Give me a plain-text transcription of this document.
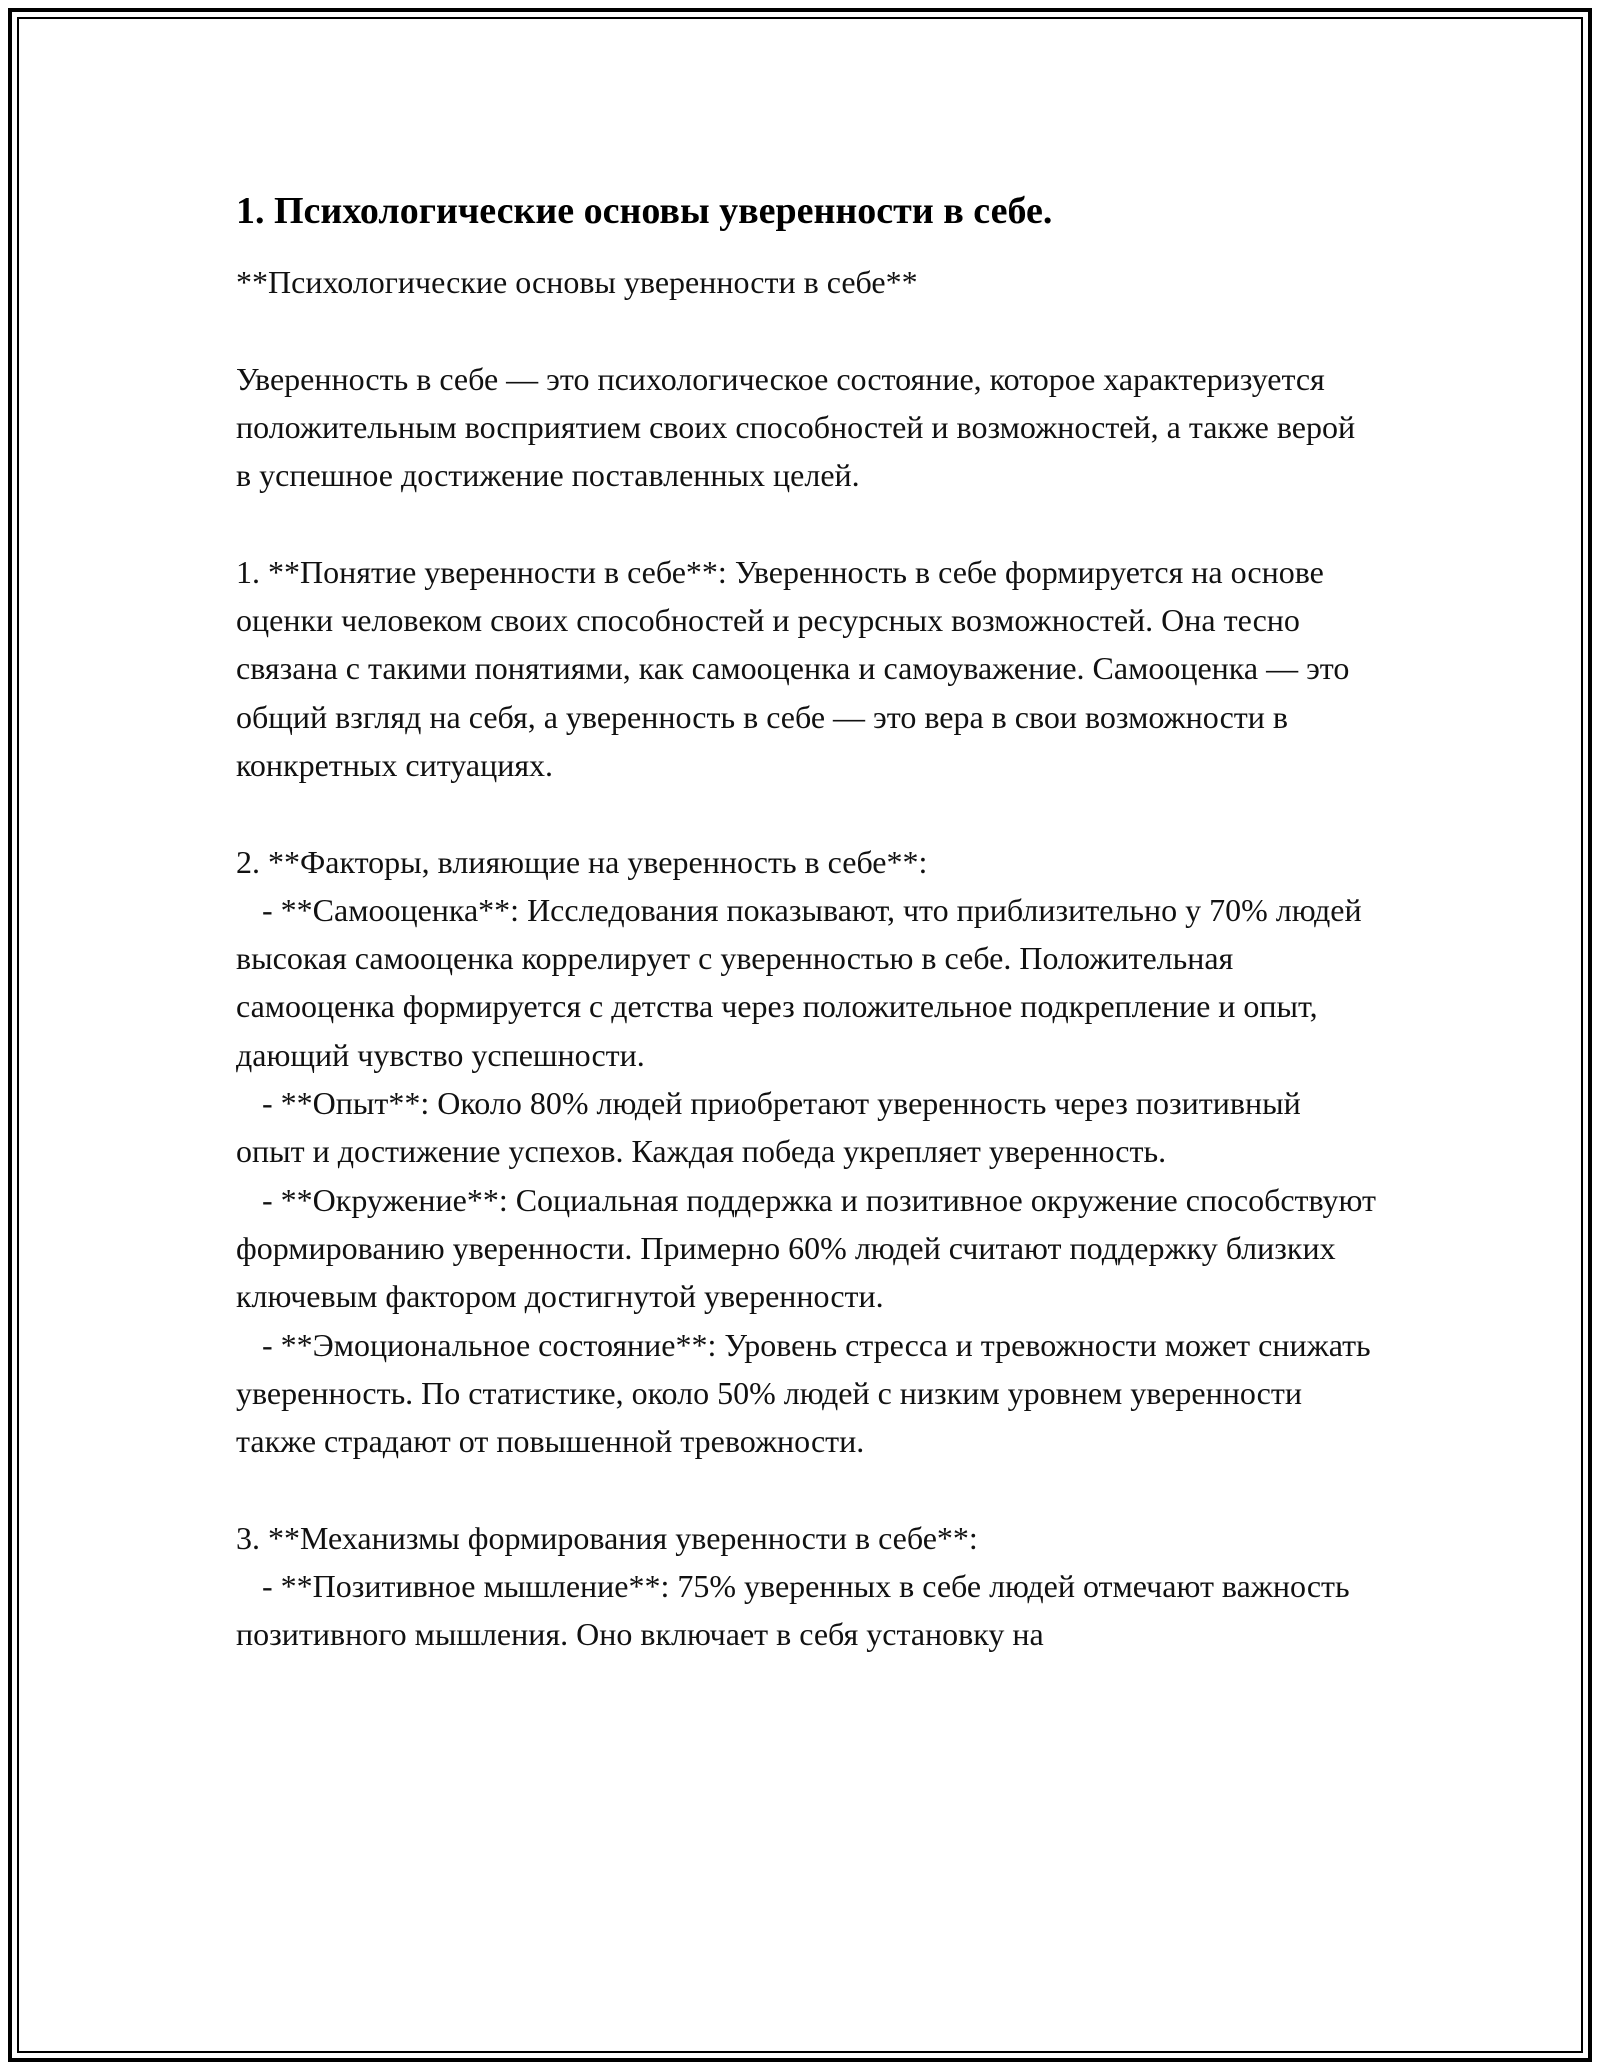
1. Психологические основы уверенности в себе.

**Психологические основы уверенности в себе**

Уверенность в себе — это психологическое состояние, которое характеризуется положительным восприятием своих способностей и возможностей, а также верой в успешное достижение поставленных целей.

1. **Понятие уверенности в себе**: Уверенность в себе формируется на основе оценки человеком своих способностей и ресурсных возможностей. Она тесно связана с такими понятиями, как самооценка и самоуважение. Самооценка — это общий взгляд на себя, а уверенность в себе — это вера в свои возможности в конкретных ситуациях.

2. **Факторы, влияющие на уверенность в себе**:

- **Самооценка**: Исследования показывают, что приблизительно у 70% людей высокая самооценка коррелирует с уверенностью в себе. Положительная самооценка формируется с детства через положительное подкрепление и опыт, дающий чувство успешности.

- **Опыт**: Около 80% людей приобретают уверенность через позитивный опыт и достижение успехов. Каждая победа укрепляет уверенность.

- **Окружение**: Социальная поддержка и позитивное окружение способствуют формированию уверенности. Примерно 60% людей считают поддержку близких ключевым фактором достигнутой уверенности.

- **Эмоциональное состояние**: Уровень стресса и тревожности может снижать уверенность. По статистике, около 50% людей с низким уровнем уверенности также страдают от повышенной тревожности.

3. **Механизмы формирования уверенности в себе**:

- **Позитивное мышление**: 75% уверенных в себе людей отмечают важность позитивного мышления. Оно включает в себя установку на
